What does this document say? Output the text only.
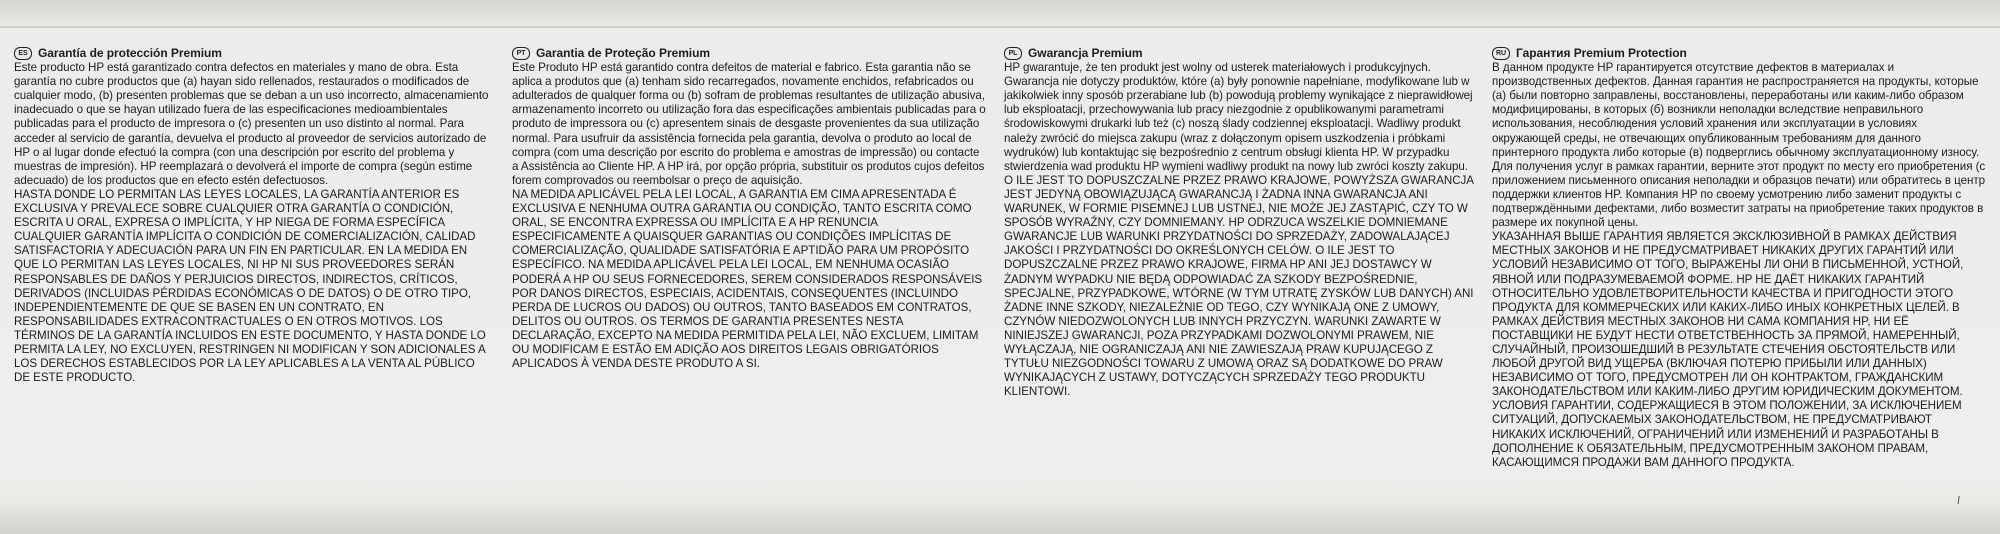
ES Garantía de protección Premium

Este producto HP está garantizado contra defectos en materiales y mano de obra. Esta garantía no cubre productos que (a) hayan sido rellenados, restaurados o modificados de cualquier modo, (b) presenten problemas que se deban a un uso incorrecto, almacenamiento inadecuado o que se hayan utilizado fuera de las especificaciones medioambientales publicadas para el producto de impresora o (c) presenten un uso distinto al normal. Para acceder al servicio de garantía, devuelva el producto al proveedor de servicios autorizado de HP o al lugar donde efectuó la compra (con una descripción por escrito del problema y muestras de impresión). HP reemplazará o devolverá el importe de compra (según estime adecuado) de los productos que en efecto estén defectuosos.

HASTA DONDE LO PERMITAN LAS LEYES LOCALES, LA GARANTÍA ANTERIOR ES EXCLUSIVA Y PREVALECE SOBRE CUALQUIER OTRA GARANTÍA O CONDICIÓN, ESCRITA U ORAL, EXPRESA O IMPLÍCITA, Y HP NIEGA DE FORMA ESPECÍFICA CUALQUIER GARANTÍA IMPLÍCITA O CONDICIÓN DE COMERCIALIZACIÓN, CALIDAD SATISFACTORIA Y ADECUACIÓN PARA UN FIN EN PARTICULAR. EN LA MEDIDA EN QUE LO PERMITAN LAS LEYES LOCALES, NI HP NI SUS PROVEEDORES SERÁN RESPONSABLES DE DAÑOS Y PERJUICIOS DIRECTOS, INDIRECTOS, CRÍTICOS, DERIVADOS (INCLUIDAS PÉRDIDAS ECONÓMICAS O DE DATOS) O DE OTRO TIPO, INDEPENDIENTEMENTE DE QUE SE BASEN EN UN CONTRATO, EN RESPONSABILIDADES EXTRACONTRACTUALES O EN OTROS MOTIVOS. LOS TÉRMINOS DE LA GARANTÍA INCLUIDOS EN ESTE DOCUMENTO, Y HASTA DONDE LO PERMITA LA LEY, NO EXCLUYEN, RESTRINGEN NI MODIFICAN Y SON ADICIONALES A LOS DERECHOS ESTABLECIDOS POR LA LEY APLICABLES A LA VENTA AL PÚBLICO DE ESTE PRODUCTO.

PT Garantia de Proteção Premium

Este Produto HP está garantido contra defeitos de material e fabrico. Esta garantia não se aplica a produtos que (a) tenham sido recarregados, novamente enchidos, refabricados ou adulterados de qualquer forma ou (b) sofram de problemas resultantes de utilização abusiva, armazenamento incorreto ou utilização fora das especificações ambientais publicadas para o produto de impressora ou (c) apresentem sinais de desgaste provenientes da sua utilização normal. Para usufruir da assistência fornecida pela garantia, devolva o produto ao local de compra (com uma descrição por escrito do problema e amostras de impressão) ou contacte a Assistência ao Cliente HP. A HP irá, por opção própria, substituir os produtos cujos defeitos forem comprovados ou reembolsar o preço de aquisição.

NA MEDIDA APLICÁVEL PELA LEI LOCAL, A GARANTIA EM CIMA APRESENTADA É EXCLUSIVA E NENHUMA OUTRA GARANTIA OU CONDIÇÃO, TANTO ESCRITA COMO ORAL, SE ENCONTRA EXPRESSA OU IMPLÍCITA E A HP RENUNCIA ESPECIFICAMENTE A QUAISQUER GARANTIAS OU CONDIÇÕES IMPLÍCITAS DE COMERCIALIZAÇÃO, QUALIDADE SATISFATÓRIA E APTIDÃO PARA UM PROPÓSITO ESPECÍFICO. NA MEDIDA APLICÁVEL PELA LEI LOCAL, EM NENHUMA OCASIÃO PODERÁ A HP OU SEUS FORNECEDORES, SEREM CONSIDERADOS RESPONSÁVEIS POR DANOS DIRECTOS, ESPECIAIS, ACIDENTAIS, CONSEQUENTES (INCLUINDO PERDA DE LUCROS OU DADOS) OU OUTROS, TANTO BASEADOS EM CONTRATOS, DELITOS OU OUTROS. OS TERMOS DE GARANTIA PRESENTES NESTA DECLARAÇÃO, EXCEPTO NA MEDIDA PERMITIDA PELA LEI, NÃO EXCLUEM, LIMITAM OU MODIFICAM E ESTÃO EM ADIÇÃO AOS DIREITOS LEGAIS OBRIGATÓRIOS APLICADOS À VENDA DESTE PRODUTO A SI.

PL Gwarancja Premium

HP gwarantuje, że ten produkt jest wolny od usterek materiałowych i produkcyjnych. Gwarancja nie dotyczy produktów, które (a) były ponownie napełniane, modyfikowane lub w jakikolwiek inny sposób przerabiane lub (b) powodują problemy wynikające z nieprawidłowej lub eksploatacji, przechowywania lub pracy niezgodnie z opublikowanymi parametrami środowiskowymi drukarki lub też (c) noszą ślady codziennej eksploatacji. Wadliwy produkt należy zwrócić do miejsca zakupu (wraz z dołączonym opisem uszkodzenia i próbkami wydruków) lub kontaktując się bezpośrednio z centrum obsługi klienta HP. W przypadku stwierdzenia wad produktu HP wymieni wadliwy produkt na nowy lub zwróci koszty zakupu.

O ILE JEST TO DOPUSZCZALNE PRZEZ PRAWO KRAJOWE, POWYŻSZA GWARANCJA JEST JEDYNĄ OBOWIĄZUJĄCĄ GWARANCJĄ I ŻADNA INNA GWARANCJA ANI WARUNEK, W FORMIE PISEMNEJ LUB USTNEJ, NIE MOŻE JEJ ZASTĄPIĆ, CZY TO W SPOSÓB WYRAŹNY, CZY DOMNIEMANY. HP ODRZUCA WSZELKIE DOMNIEMANE GWARANCJE LUB WARUNKI PRZYDATNOŚCI DO SPRZEDAŻY, ZADOWALAJĄCEJ JAKOŚCI I PRZYDATNOŚCI DO OKREŚLONYCH CELÓW. O ILE JEST TO DOPUSZCZALNE PRZEZ PRAWO KRAJOWE, FIRMA HP ANI JEJ DOSTAWCY W ŻADNYM WYPADKU NIE BĘDĄ ODPOWIADAĆ ZA SZKODY BEZPOŚREDNIE, SPECJALNE, PRZYPADKOWE, WTÓRNE (W TYM UTRATĘ ZYSKÓW LUB DANYCH) ANI ŻADNE INNE SZKODY, NIEZALEŻNIE OD TEGO, CZY WYNIKAJĄ ONE Z UMOWY, CZYNÓW NIEDOZWOLONYCH LUB INNYCH PRZYCZYN. WARUNKI ZAWARTE W NINIEJSZEJ GWARANCJI, POZA PRZYPADKAMI DOZWOLONYMI PRAWEM, NIE WYŁĄCZAJĄ, NIE OGRANICZAJĄ ANI NIE ZAWIESZAJĄ PRAW KUPUJĄCEGO Z TYTUŁU NIEZGODNOŚCI TOWARU Z UMOWĄ ORAZ SĄ DODATKOWE DO PRAW WYNIKAJĄCYCH Z USTAWY, DOTYCZĄCYCH SPRZEDAŻY TEGO PRODUKTU KLIENTOWI.

RU Гарантия Premium Protection

В данном продукте HP гарантируется отсутствие дефектов в материалах и производственных дефектов. Данная гарантия не распространяется на продукты, которые (а) были повторно заправлены, восстановлены, переработаны или каким-либо образом модифицированы, в которых (б) возникли неполадки вследствие неправильного использования, несоблюдения условий хранения или эксплуатации в условиях окружающей среды, не отвечающих опубликованным требованиям для данного принтерного продукта либо которые (в) подверглись обычному эксплуатационному износу. Для получения услуг в рамках гарантии, верните этот продукт по месту его приобретения (с приложением письменного описания неполадки и образцов печати) или обратитесь в центр поддержки клиентов HP. Компания HP по своему усмотрению либо заменит продукты с подтверждёнными дефектами, либо возместит затраты на приобретение таких продуктов в размере их покупной цены.

УКАЗАННАЯ ВЫШЕ ГАРАНТИЯ ЯВЛЯЕТСЯ ЭКСКЛЮЗИВНОЙ В РАМКАХ ДЕЙСТВИЯ МЕСТНЫХ ЗАКОНОВ И НЕ ПРЕДУСМАТРИВАЕТ НИКАКИХ ДРУГИХ ГАРАНТИЙ ИЛИ УСЛОВИЙ НЕЗАВИСИМО ОТ ТОГО, ВЫРАЖЕНЫ ЛИ ОНИ В ПИСЬМЕННОЙ, УСТНОЙ, ЯВНОЙ ИЛИ ПОДРАЗУМЕВАЕМОЙ ФОРМЕ. HP НЕ ДАЁТ НИКАКИХ ГАРАНТИЙ ОТНОСИТЕЛЬНО УДОВЛЕТВОРИТЕЛЬНОСТИ КАЧЕСТВА И ПРИГОДНОСТИ ЭТОГО ПРОДУКТА ДЛЯ КОММЕРЧЕСКИХ ИЛИ КАКИХ-ЛИБО ИНЫХ КОНКРЕТНЫХ ЦЕЛЕЙ. В РАМКАХ ДЕЙСТВИЯ МЕСТНЫХ ЗАКОНОВ НИ САМА КОМПАНИЯ HP, НИ ЕЁ ПОСТАВЩИКИ НЕ БУДУТ НЕСТИ ОТВЕТСТВЕННОСТЬ ЗА ПРЯМОЙ, НАМЕРЕННЫЙ, СЛУЧАЙНЫЙ, ПРОИЗОШЕДШИЙ В РЕЗУЛЬТАТЕ СТЕЧЕНИЯ ОБСТОЯТЕЛЬСТВ ИЛИ ЛЮБОЙ ДРУГОЙ ВИД УЩЕРБА (ВКЛЮЧАЯ ПОТЕРЮ ПРИБЫЛИ ИЛИ ДАННЫХ) НЕЗАВИСИМО ОТ ТОГО, ПРЕДУСМОТРЕН ЛИ ОН КОНТРАКТОМ, ГРАЖДАНСКИМ ЗАКОНОДАТЕЛЬСТВОМ ИЛИ КАКИМ-ЛИБО ДРУГИМ ЮРИДИЧЕСКИМ ДОКУМЕНТОМ. УСЛОВИЯ ГАРАНТИИ, СОДЕРЖАЩИЕСЯ В ЭТОМ ПОЛОЖЕНИИ, ЗА ИСКЛЮЧЕНИЕМ СИТУАЦИЙ, ДОПУСКАЕМЫХ ЗАКОНОДАТЕЛЬСТВОМ, НЕ ПРЕДУСМАТРИВАЮТ НИКАКИХ ИСКЛЮЧЕНИЙ, ОГРАНИЧЕНИЙ ИЛИ ИЗМЕНЕНИЙ И РАЗРАБОТАНЫ В ДОПОЛНЕНИЕ К ОБЯЗАТЕЛЬНЫМ, ПРЕДУСМОТРЕННЫМ ЗАКОНОМ ПРАВАМ, КАСАЮЩИМСЯ ПРОДАЖИ ВАМ ДАННОГО ПРОДУКТА.
